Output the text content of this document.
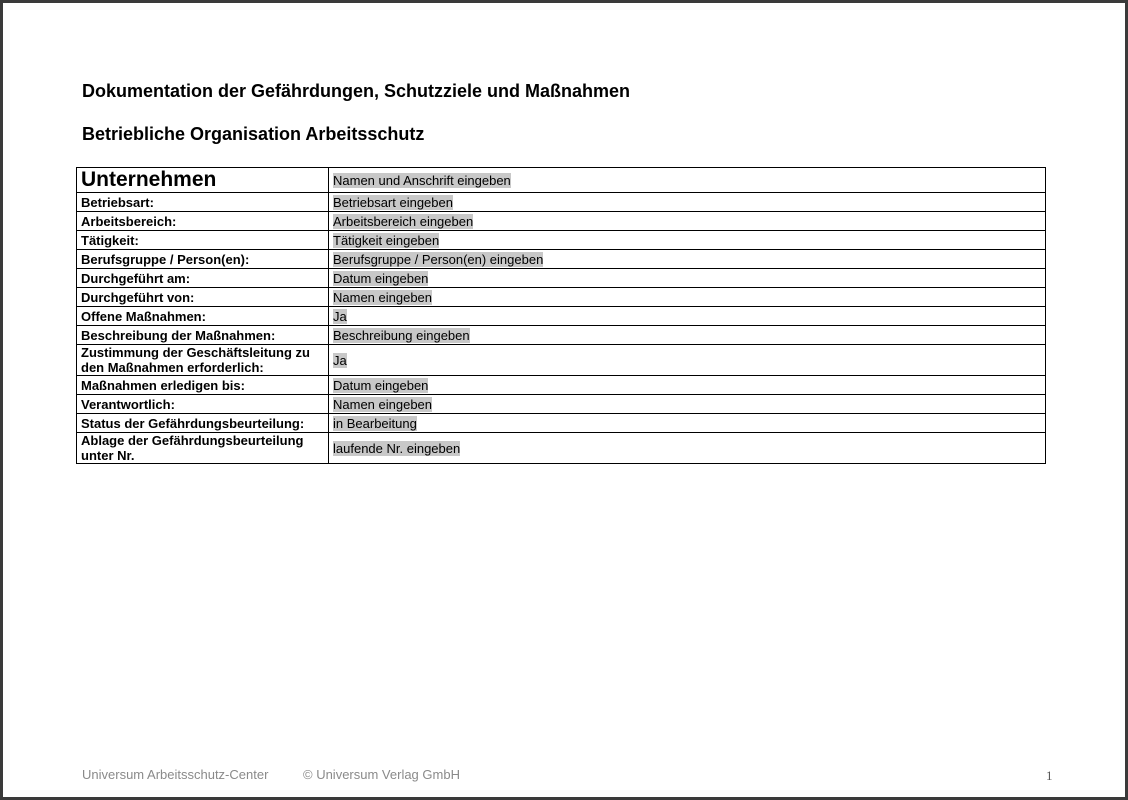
Dokumentation der Gefährdungen, Schutzziele und Maßnahmen
Betriebliche Organisation Arbeitsschutz
Unternehmen	Namen und Anschrift eingeben
Betriebsart:	Betriebsart eingeben
Arbeitsbereich:	Arbeitsbereich eingeben
Tätigkeit:	Tätigkeit eingeben
Berufsgruppe / Person(en):	Berufsgruppe / Person(en) eingeben
Durchgeführt am:	Datum eingeben
Durchgeführt von:	Namen eingeben
Offene Maßnahmen:	Ja
Beschreibung der Maßnahmen:	Beschreibung eingeben
Zustimmung der Geschäftsleitung zu den Maßnahmen erforderlich:	Ja
Maßnahmen erledigen bis:	Datum eingeben
Verantwortlich:	Namen eingeben
Status der Gefährdungsbeurteilung:	in Bearbeitung
Ablage der Gefährdungsbeurteilung unter Nr.	laufende Nr. eingeben
Universum Arbeitsschutz-Center	© Universum Verlag GmbH	1
